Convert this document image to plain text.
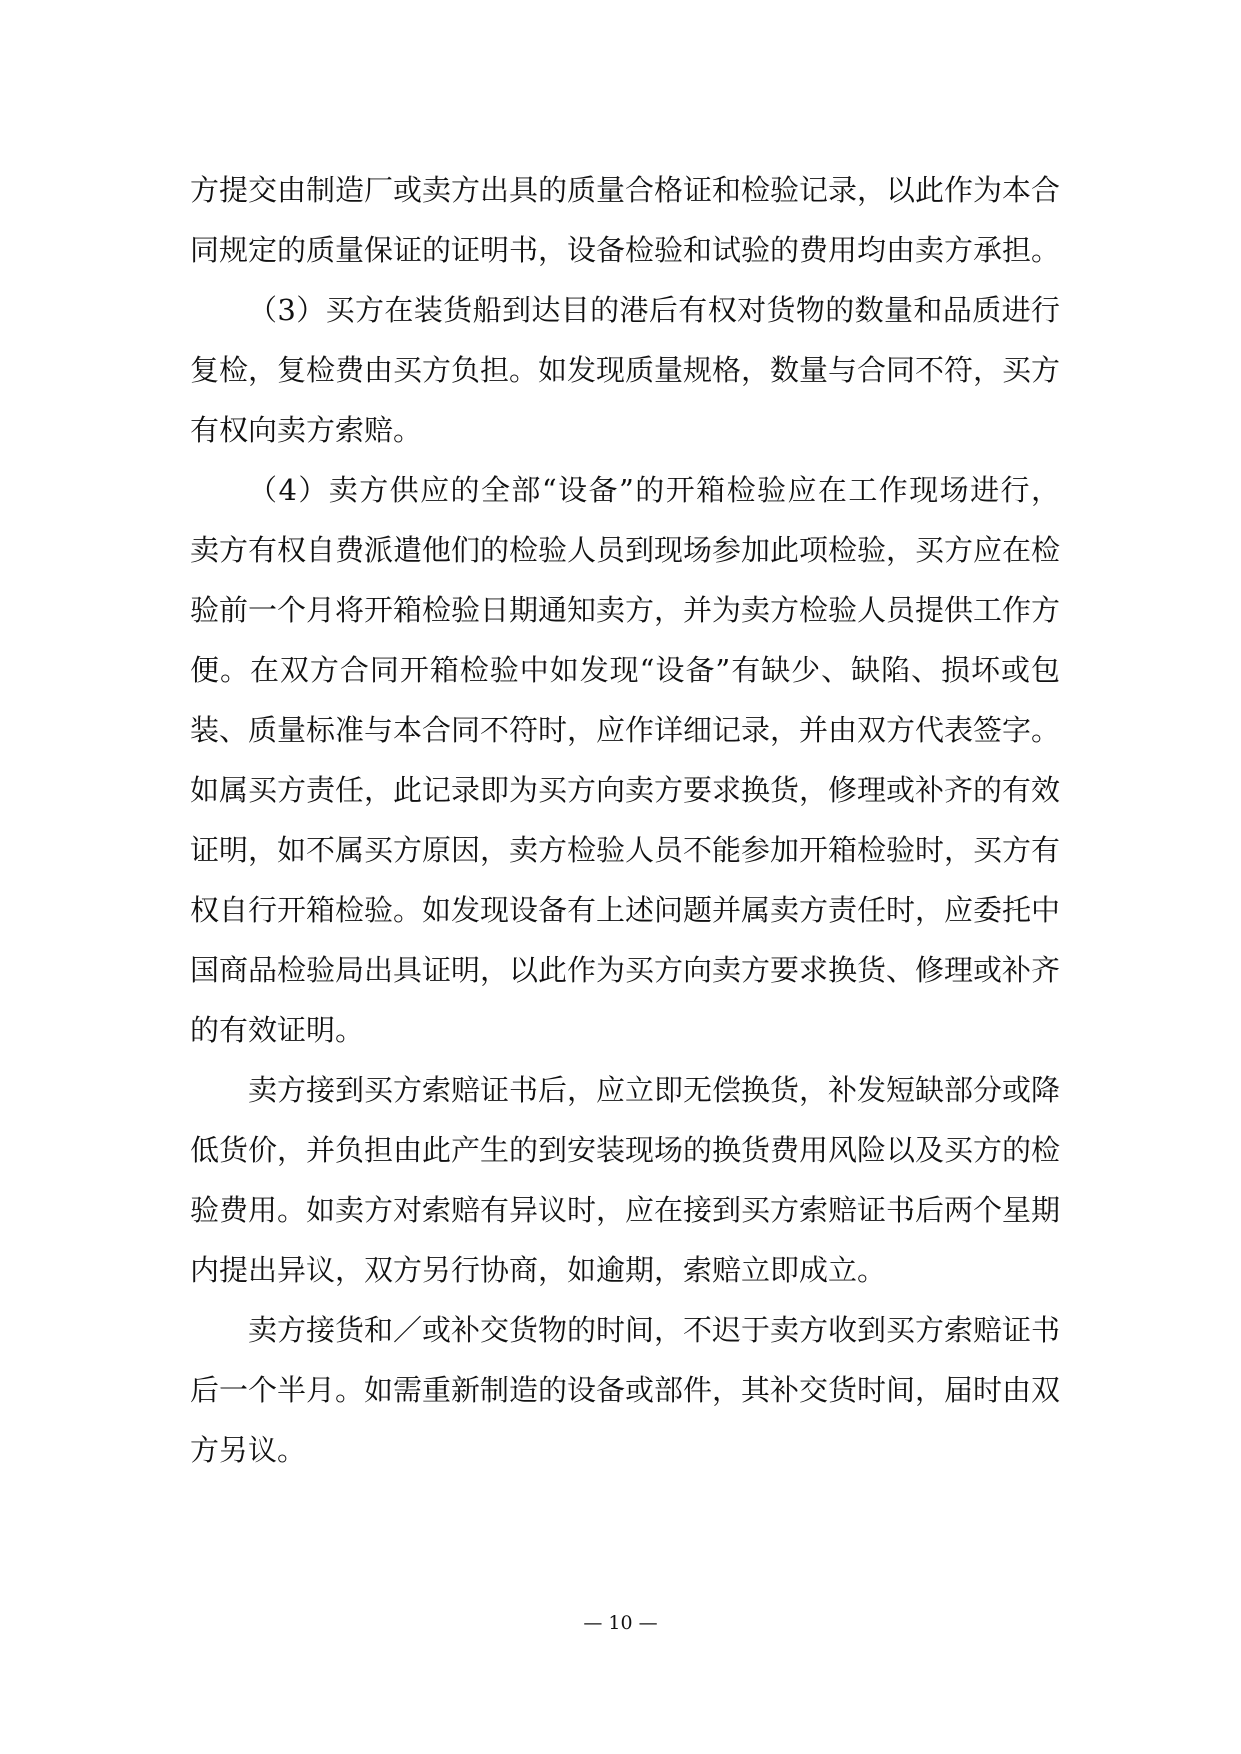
方提交由制造厂或卖方出具的质量合格证和检验记录，以此作为本合
同规定的质量保证的证明书，设备检验和试验的费用均由卖方承担。
（3）买方在装货船到达目的港后有权对货物的数量和品质进行
复检，复检费由买方负担。如发现质量规格，数量与合同不符，买方
有权向卖方索赔。
（4）卖方供应的全部“设备”的开箱检验应在工作现场进行，
卖方有权自费派遣他们的检验人员到现场参加此项检验，买方应在检
验前一个月将开箱检验日期通知卖方，并为卖方检验人员提供工作方
便。在双方合同开箱检验中如发现“设备”有缺少、缺陷、损坏或包
装、质量标准与本合同不符时，应作详细记录，并由双方代表签字。
如属买方责任，此记录即为买方向卖方要求换货，修理或补齐的有效
证明，如不属买方原因，卖方检验人员不能参加开箱检验时，买方有
权自行开箱检验。如发现设备有上述问题并属卖方责任时，应委托中
国商品检验局出具证明，以此作为买方向卖方要求换货、修理或补齐
的有效证明。
卖方接到买方索赔证书后，应立即无偿换货，补发短缺部分或降
低货价，并负担由此产生的到安装现场的换货费用风险以及买方的检
验费用。如卖方对索赔有异议时，应在接到买方索赔证书后两个星期
内提出异议，双方另行协商，如逾期，索赔立即成立。
卖方接货和／或补交货物的时间，不迟于卖方收到买方索赔证书
后一个半月。如需重新制造的设备或部件，其补交货时间，届时由双
方另议。
— 10 —
